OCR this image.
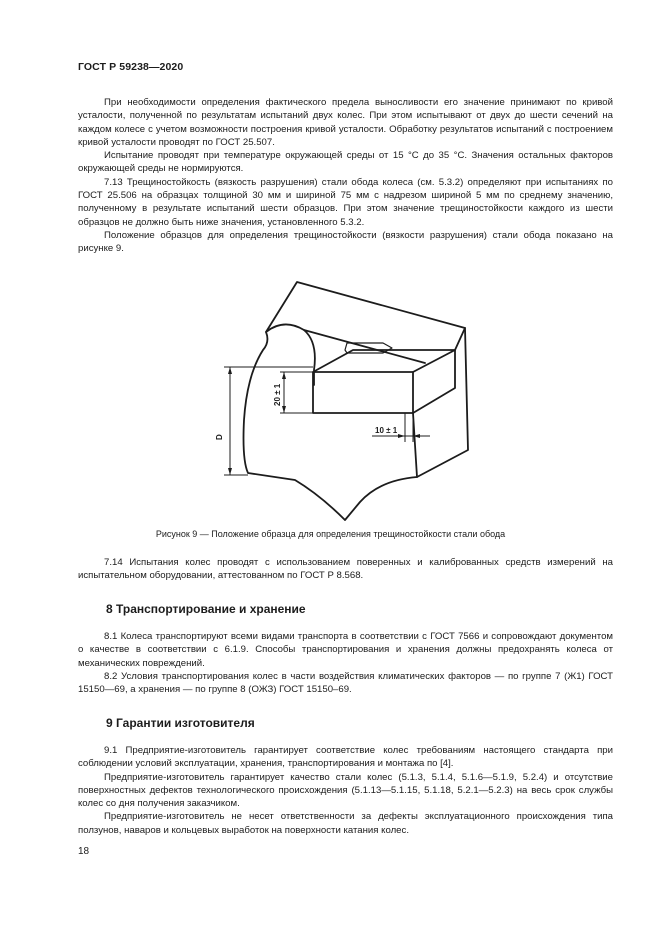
ГОСТ Р 59238—2020

При необходимости определения фактического предела выносливости его значение принимают по кривой усталости, полученной по результатам испытаний двух колес. При этом испытывают от двух до шести сечений на каждом колесе с учетом возможности построения кривой усталости. Обработку результатов испытаний с построением кривой усталости проводят по ГОСТ 25.507.

Испытание проводят при температуре окружающей среды от 15 °С до 35 °С. Значения остальных факторов окружающей среды не нормируются.

7.13 Трещиностойкость (вязкость разрушения) стали обода колеса (см. 5.3.2) определяют при испытаниях по ГОСТ 25.506 на образцах толщиной 30 мм и шириной 75 мм с надрезом шириной 5 мм по среднему значению, полученному в результате испытаний шести образцов. При этом значение трещиностойкости каждого из шести образцов не должно быть ниже значения, установленного 5.3.2.

Положение образцов для определения трещиностойкости (вязкости разрушения) стали обода показано на рисунке 9.

D
20 ± 1
10 ± 1
Рисунок 9 — Положение образца для определения трещиностойкости стали обода

7.14 Испытания колес проводят с использованием поверенных и калиброванных средств измерений на испытательном оборудовании, аттестованном по ГОСТ Р 8.568.

8 Транспортирование и хранение

8.1 Колеса транспортируют всеми видами транспорта в соответствии с ГОСТ 7566 и сопровождают документом о качестве в соответствии с 6.1.9. Способы транспортирования и хранения должны предохранять колеса от механических повреждений.

8.2 Условия транспортирования колес в части воздействия климатических факторов — по группе 7 (Ж1) ГОСТ 15150—69, а хранения — по группе 8 (ОЖЗ) ГОСТ 15150–69.

9 Гарантии изготовителя

9.1 Предприятие-изготовитель гарантирует соответствие колес требованиям настоящего стандарта при соблюдении условий эксплуатации, хранения, транспортирования и монтажа по [4].

Предприятие-изготовитель гарантирует качество стали колес (5.1.3, 5.1.4, 5.1.6—5.1.9, 5.2.4) и отсутствие поверхностных дефектов технологического происхождения (5.1.13—5.1.15, 5.1.18, 5.2.1—5.2.3) на весь срок службы колес со дня получения заказчиком.

Предприятие-изготовитель не несет ответственности за дефекты эксплуатационного происхождения типа ползунов, наваров и кольцевых выработок на поверхности катания колес.

18
